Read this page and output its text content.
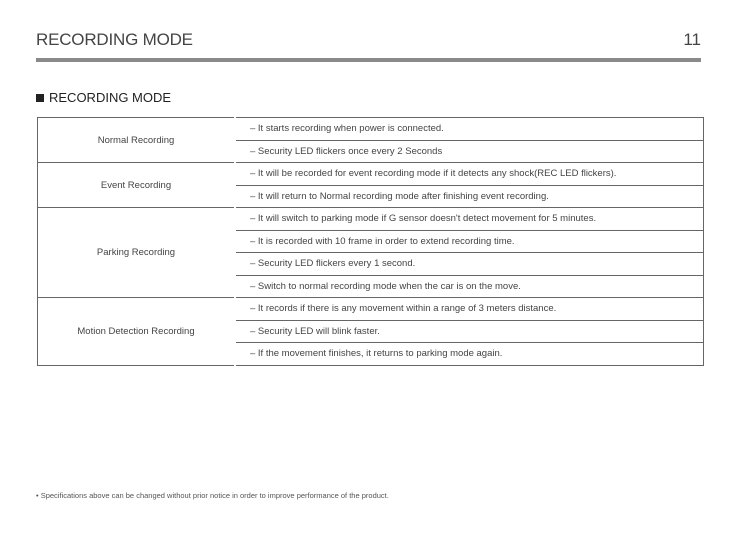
RECORDING MODE	11
RECORDING MODE
Normal Recording	– It starts recording when power is connected.
	– Security LED flickers once every 2 Seconds
Event Recording	– It will be recorded for event recording mode if it detects any shock(REC LED flickers).
	– It will return to Normal recording mode after finishing event recording.
Parking Recording	– It will switch to parking mode if G sensor doesn't detect movement for 5 minutes.
	– It is recorded with 10 frame in order to extend recording time.
	– Security LED flickers every 1 second.
	– Switch to normal recording mode when the car is on the move.
Motion Detection Recording	– It records if there is any movement within a range of 3 meters distance.
	– Security LED will blink faster.
	– If the movement finishes, it returns to parking mode again.
• Specifications above can be changed without prior notice in order to improve performance of the product.
